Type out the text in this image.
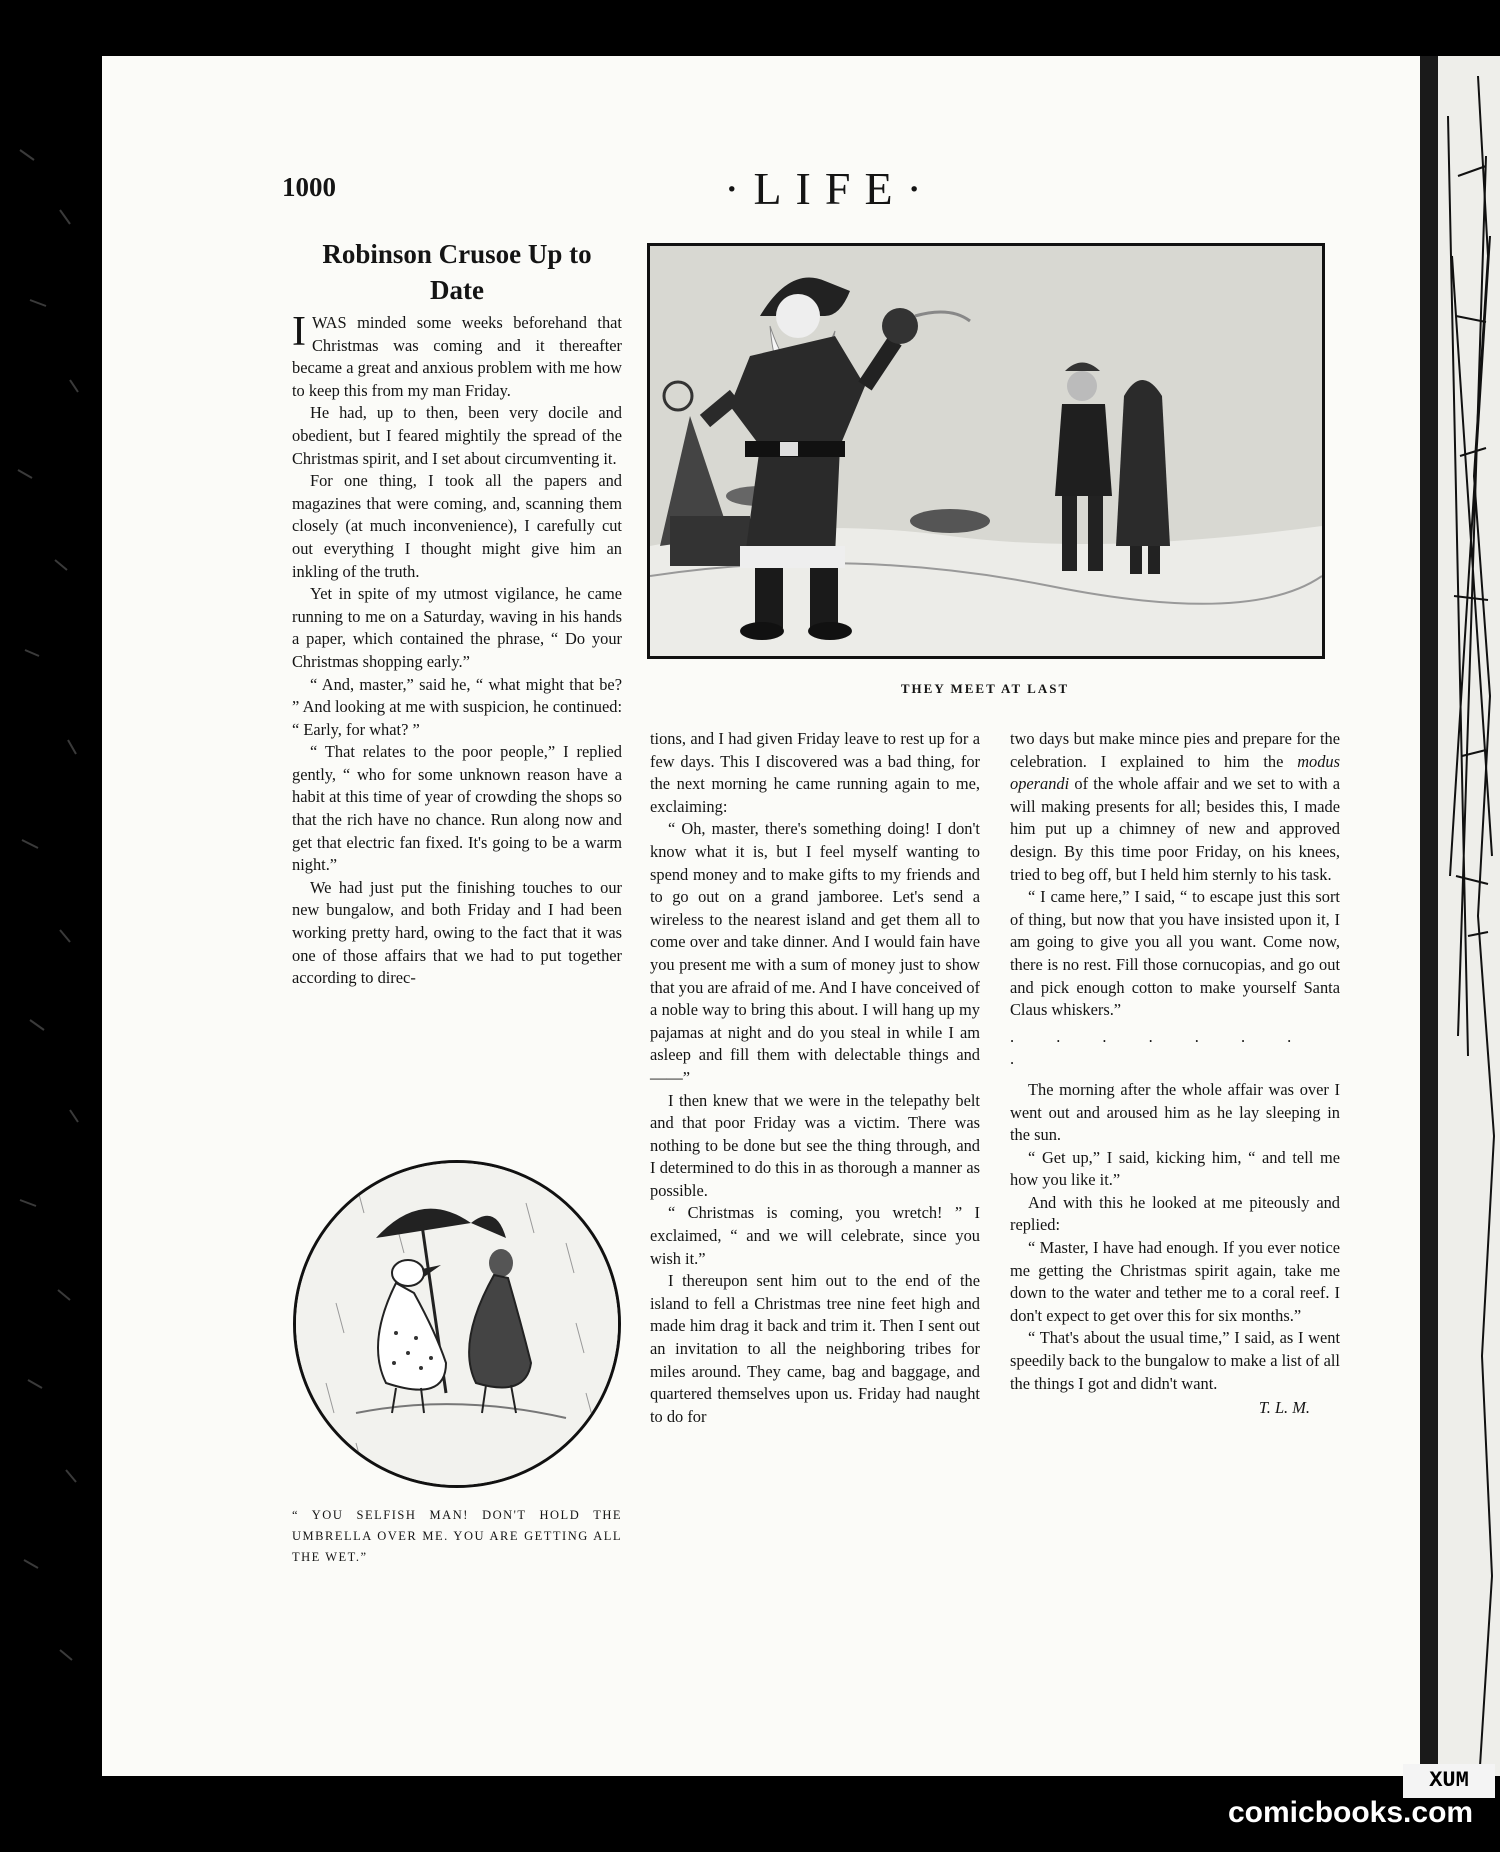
1000	·LIFE·
Robinson Crusoe Up to Date

IWAS minded some weeks beforehand that Christmas was coming and it thereafter became a great and anxious problem with me how to keep this from my man Friday.

He had, up to then, been very docile and obedient, but I feared mightily the spread of the Christmas spirit, and I set about circumventing it.

For one thing, I took all the papers and magazines that were coming, and, scanning them closely (at much inconvenience), I carefully cut out everything I thought might give him an inkling of the truth.

Yet in spite of my utmost vigilance, he came running to me on a Saturday, waving in his hands a paper, which contained the phrase, “ Do your Christmas shopping early.”

“ And, master,” said he, “ what might that be? ” And looking at me with suspicion, he continued: “ Early, for what? ”

“ That relates to the poor people,” I replied gently, “ who for some unknown reason have a habit at this time of year of crowding the shops so that the rich have no chance. Run along now and get that electric fan fixed. It's going to be a warm night.”

We had just put the finishing touches to our new bungalow, and both Friday and I had been working pretty hard, owing to the fact that it was one of those affairs that we had to put together according to direc-

tions, and I had given Friday leave to rest up for a few days. This I discovered was a bad thing, for the next morning he came running again to me, exclaiming:

“ Oh, master, there's something doing! I don't know what it is, but I feel myself wanting to spend money and to make gifts to my friends and to go out on a grand jamboree. Let's send a wireless to the nearest island and get them all to come over and take dinner. And I would fain have you present me with a sum of money just to show that you are afraid of me. And I have conceived of a noble way to bring this about. I will hang up my pajamas at night and do you steal in while I am asleep and fill them with delectable things and——”

I then knew that we were in the telepathy belt and that poor Friday was a victim. There was nothing to be done but see the thing through, and I determined to do this in as thorough a manner as possible.

“ Christmas is coming, you wretch! ” I exclaimed, “ and we will celebrate, since you wish it.”

I thereupon sent him out to the end of the island to fell a Christmas tree nine feet high and made him drag it back and trim it. Then I sent out an invitation to all the neighboring tribes for miles around. They came, bag and baggage, and quartered themselves upon us. Friday had naught to do for

two days but make mince pies and prepare for the celebration. I explained to him the modus operandi of the whole affair and we set to with a will making presents for all; besides this, I made him put up a chimney of new and approved design. By this time poor Friday, on his knees, tried to beg off, but I held him sternly to his task.

“ I came here,” I said, “ to escape just this sort of thing, but now that you have insisted upon it, I am going to give you all you want. Come now, there is no rest. Fill those cornucopias, and go out and pick enough cotton to make yourself Santa Claus whiskers.”

. . . . . . . .

The morning after the whole affair was over I went out and aroused him as he lay sleeping in the sun.

“ Get up,” I said, kicking him, “ and tell me how you like it.”

And with this he looked at me piteously and replied:

“ Master, I have had enough. If you ever notice me getting the Christmas spirit again, take me down to the water and tether me to a coral reef. I don't expect to get over this for six months.”

“ That's about the usual time,” I said, as I went speedily back to the bungalow to make a list of all the things I got and didn't want.

T. L. M.

THEY MEET AT LAST
“ YOU SELFISH MAN! DON'T HOLD THE UMBRELLA OVER ME. YOU ARE GETTING ALL THE WET.”
XUM
comicbooks.com
